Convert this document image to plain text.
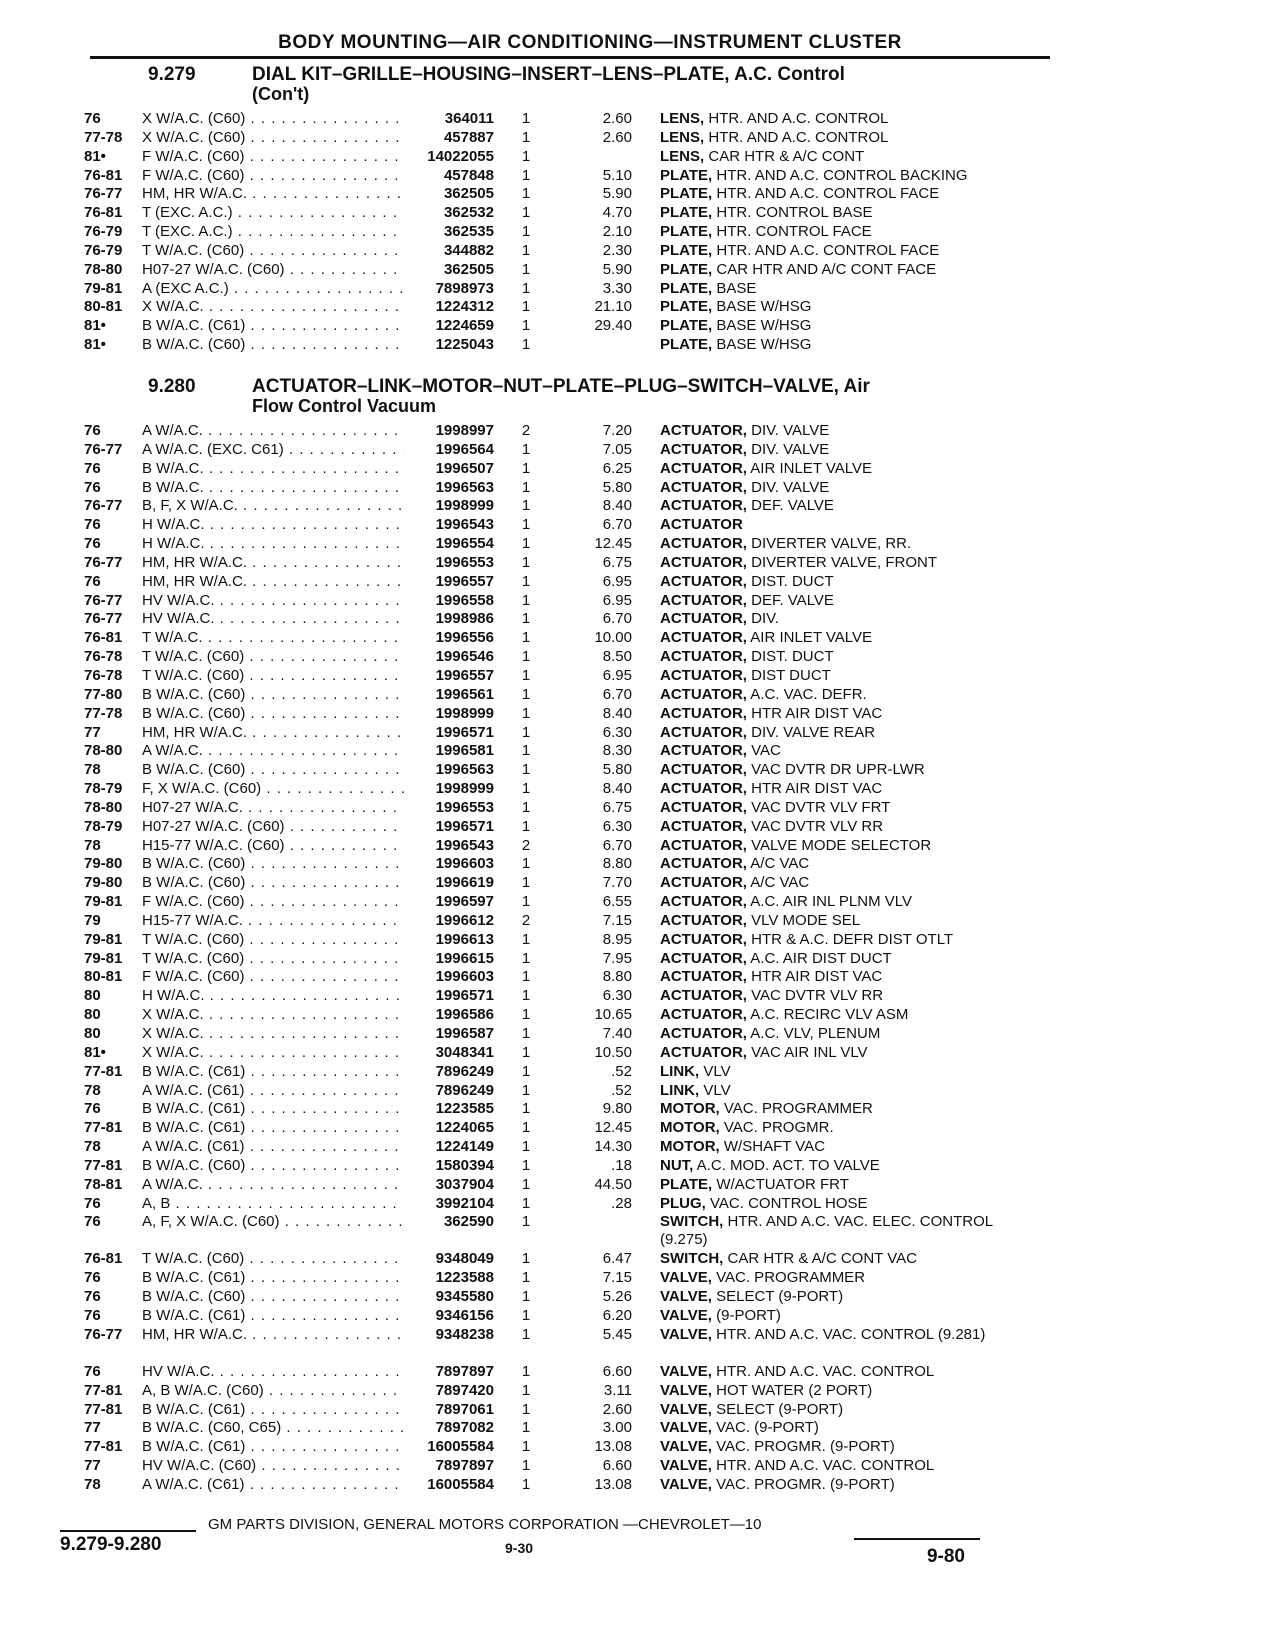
BODY MOUNTING—AIR CONDITIONING—INSTRUMENT CLUSTER
9.279	DIAL KIT–GRILLE–HOUSING–INSERT–LENS–PLATE, A.C. Control
(Con't)
76	X W/A.C. (C60) . . .	364011 1	2.60 LENS, HTR. AND A.C. CONTROL
77-78	X W/A.C. (C60) . . .	457887 1	2.60 LENS, HTR. AND A.C. CONTROL
81•	F W/A.C. (C60) . . .	14022055 1	LENS, CAR HTR & A/C CONT
76-81	F W/A.C. (C60) . . .	457848 1	5.10 PLATE, HTR. AND A.C. CONTROL BACKING
76-77	HM, HR W/A.C. . . .	362505 1	5.90 PLATE, HTR. AND A.C. CONTROL FACE
76-81	T (EXC. A.C.) . . .	362532 1	4.70 PLATE, HTR. CONTROL BASE
76-79	T (EXC. A.C.) . . .	362535 1	2.10 PLATE, HTR. CONTROL FACE
76-79	T W/A.C. (C60) . . .	344882 1	2.30 PLATE, HTR. AND A.C. CONTROL FACE
78-80	H07-27 W/A.C. (C60) . . .	362505 1	5.90 PLATE, CAR HTR AND A/C CONT FACE
79-81	A (EXC A.C.) . . .	7898973 1	3.30 PLATE, BASE
80-81	X W/A.C. . . .	1224312 1	21.10 PLATE, BASE W/HSG
81•	B W/A.C. (C61) . . .	1224659 1	29.40 PLATE, BASE W/HSG
81•	B W/A.C. (C60) . . .	1225043 1	PLATE, BASE W/HSG
9.280	ACTUATOR–LINK–MOTOR–NUT–PLATE–PLUG–SWITCH–VALVE, Air
Flow Control Vacuum
76	A W/A.C. . . .	1998997 2	7.20 ACTUATOR, DIV. VALVE
76-77	A W/A.C. (EXC. C61) . . .	1996564 1	7.05 ACTUATOR, DIV. VALVE
76	B W/A.C. . . .	1996507 1	6.25 ACTUATOR, AIR INLET VALVE
76	B W/A.C. . . .	1996563 1	5.80 ACTUATOR, DIV. VALVE
76-77	B, F, X W/A.C. . . .	1998999 1	8.40 ACTUATOR, DEF. VALVE
76	H W/A.C. . . .	1996543 1	6.70 ACTUATOR
76	H W/A.C. . . .	1996554 1	12.45 ACTUATOR, DIVERTER VALVE, RR.
76-77	HM, HR W/A.C. . . .	1996553 1	6.75 ACTUATOR, DIVERTER VALVE, FRONT
76	HM, HR W/A.C. . . .	1996557 1	6.95 ACTUATOR, DIST. DUCT
76-77	HV W/A.C. . . .	1996558 1	6.95 ACTUATOR, DEF. VALVE
76-77	HV W/A.C. . . .	1998986 1	6.70 ACTUATOR, DIV.
76-81	T W/A.C. . . .	1996556 1	10.00 ACTUATOR, AIR INLET VALVE
76-78	T W/A.C. (C60) . . .	1996546 1	8.50 ACTUATOR, DIST. DUCT
76-78	T W/A.C. (C60) . . .	1996557 1	6.95 ACTUATOR, DIST DUCT
77-80	B W/A.C. (C60) . . .	1996561 1	6.70 ACTUATOR, A.C. VAC. DEFR.
77-78	B W/A.C. (C60) . . .	1998999 1	8.40 ACTUATOR, HTR AIR DIST VAC
77	HM, HR W/A.C. . . .	1996571 1	6.30 ACTUATOR, DIV. VALVE REAR
78-80	A W/A.C. . . .	1996581 1	8.30 ACTUATOR, VAC
78	B W/A.C. (C60) . . .	1996563 1	5.80 ACTUATOR, VAC DVTR DR UPR-LWR
78-79	F, X W/A.C. (C60) . . .	1998999 1	8.40 ACTUATOR, HTR AIR DIST VAC
78-80	H07-27 W/A.C. . . .	1996553 1	6.75 ACTUATOR, VAC DVTR VLV FRT
78-79	H07-27 W/A.C. (C60) . . .	1996571 1	6.30 ACTUATOR, VAC DVTR VLV RR
78	H15-77 W/A.C. (C60) . . .	1996543 2	6.70 ACTUATOR, VALVE MODE SELECTOR
79-80	B W/A.C. (C60) . . .	1996603 1	8.80 ACTUATOR, A/C VAC
79-80	B W/A.C. (C60) . . .	1996619 1	7.70 ACTUATOR, A/C VAC
79-81	F W/A.C. (C60) . . .	1996597 1	6.55 ACTUATOR, A.C. AIR INL PLNM VLV
79	H15-77 W/A.C. . . .	1996612 2	7.15 ACTUATOR, VLV MODE SEL
79-81	T W/A.C. (C60) . . .	1996613 1	8.95 ACTUATOR, HTR & A.C. DEFR DIST OTLT
79-81	T W/A.C. (C60) . . .	1996615 1	7.95 ACTUATOR, A.C. AIR DIST DUCT
80-81	F W/A.C. (C60) . . .	1996603 1	8.80 ACTUATOR, HTR AIR DIST VAC
80	H W/A.C. . . .	1996571 1	6.30 ACTUATOR, VAC DVTR VLV RR
80	X W/A.C. . . .	1996586 1	10.65 ACTUATOR, A.C. RECIRC VLV ASM
80	X W/A.C. . . .	1996587 1	7.40 ACTUATOR, A.C. VLV, PLENUM
81•	X W/A.C. . . .	3048341 1	10.50 ACTUATOR, VAC AIR INL VLV
77-81	B W/A.C. (C61) . . .	7896249 1	.52 LINK, VLV
78	A W/A.C. (C61) . . .	7896249 1	.52 LINK, VLV
76	B W/A.C. (C61) . . .	1223585 1	9.80 MOTOR, VAC. PROGRAMMER
77-81	B W/A.C. (C61) . . .	1224065 1	12.45 MOTOR, VAC. PROGMR.
78	A W/A.C. (C61) . . .	1224149 1	14.30 MOTOR, W/SHAFT VAC
77-81	B W/A.C. (C60) . . .	1580394 1	.18 NUT, A.C. MOD. ACT. TO VALVE
78-81	A W/A.C. . . .	3037904 1	44.50 PLATE, W/ACTUATOR FRT
76	A, B . . .	3992104 1	.28 PLUG, VAC. CONTROL HOSE
76	A, F, X W/A.C. (C60) . . .	362590 1	SWITCH, HTR. AND A.C. VAC. ELEC. CONTROL (9.275)
76-81	T W/A.C. (C60) . . .	9348049 1	6.47 SWITCH, CAR HTR & A/C CONT VAC
76	B W/A.C. (C61) . . .	1223588 1	7.15 VALVE, VAC. PROGRAMMER
76	B W/A.C. (C60) . . .	9345580 1	5.26 VALVE, SELECT (9-PORT)
76	B W/A.C. (C61) . . .	9346156 1	6.20 VALVE, (9-PORT)
76-77	HM, HR W/A.C. . . .	9348238 1	5.45 VALVE, HTR. AND A.C. VAC. CONTROL (9.281)
76	HV W/A.C. . . .	7897897 1	6.60 VALVE, HTR. AND A.C. VAC. CONTROL
77-81	A, B W/A.C. (C60) . . .	7897420 1	3.11 VALVE, HOT WATER (2 PORT)
77-81	B W/A.C. (C61) . . .	7897061 1	2.60 VALVE, SELECT (9-PORT)
77	B W/A.C. (C60, C65) . . .	7897082 1	3.00 VALVE, VAC. (9-PORT)
77-81	B W/A.C. (C61) . . .	16005584 1	13.08 VALVE, VAC. PROGMR. (9-PORT)
77	HV W/A.C. (C60) . . .	7897897 1	6.60 VALVE, HTR. AND A.C. VAC. CONTROL
78	A W/A.C. (C61) . . .	16005584 1	13.08 VALVE, VAC. PROGMR. (9-PORT)
GM PARTS DIVISION, GENERAL MOTORS CORPORATION —CHEVROLET—10
9.279-9.280	9-30	9-80
